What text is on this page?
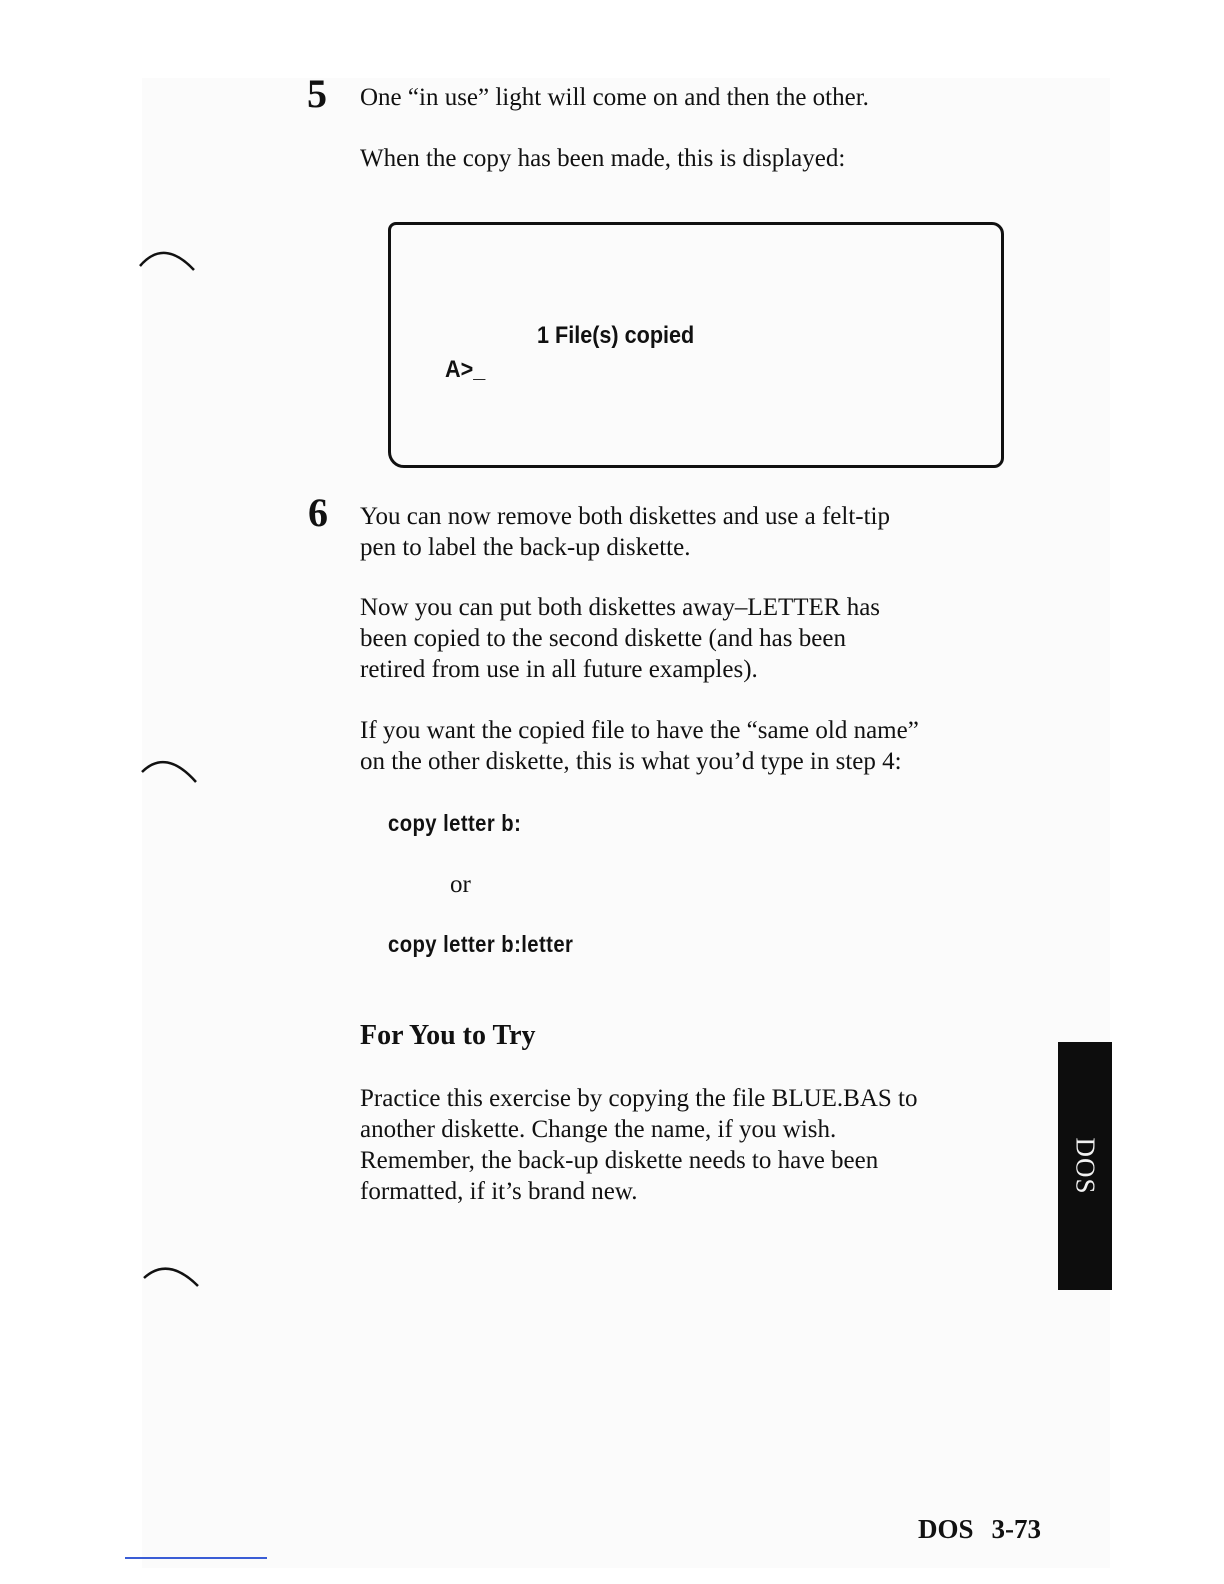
5 One “in use” light will come on and then the other.

When the copy has been made, this is displayed:

1 File(s) copied
A>_
6 You can now remove both diskettes and use a felt-tip
pen to label the back-up diskette.

Now you can put both diskettes away–LETTER has
been copied to the second diskette (and has been
retired from use in all future examples).

If you want the copied file to have the “same old name”
on the other diskette, this is what you’d type in step 4:

copy letter b:

or

copy letter b:letter
For You to Try

Practice this exercise by copying the file BLUE.BAS to
another diskette. Change the name, if you wish.
Remember, the back-up diskette needs to have been
formatted, if it’s brand new.	DOS
DOS 3-73
